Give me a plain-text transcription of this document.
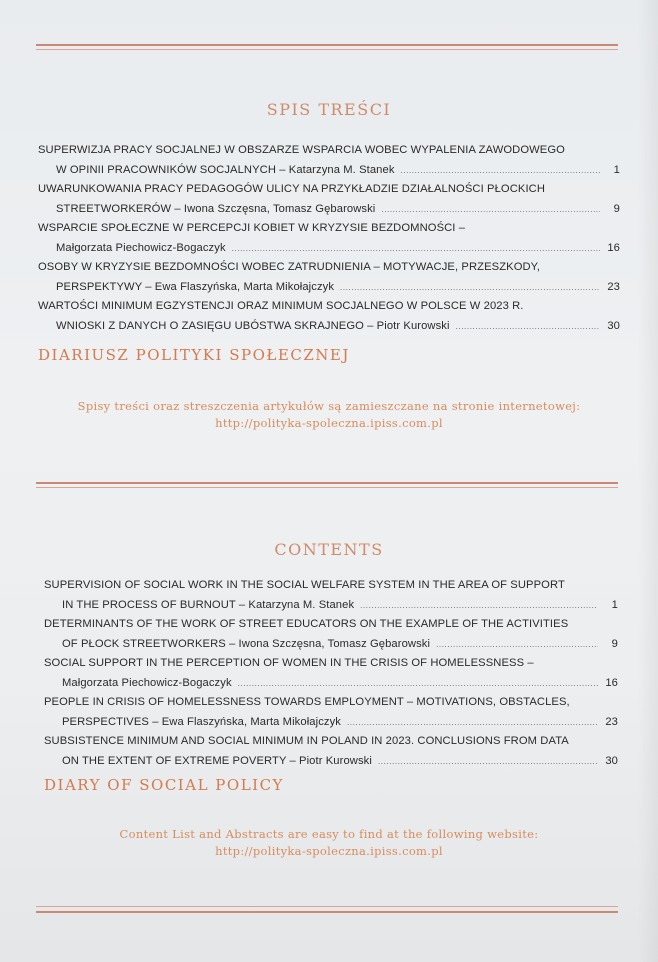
SPIS TREŚCI
SUPERWIZJA PRACY SOCJALNEJ W OBSZARZE WSPARCIA WOBEC WYPALENIA ZAWODOWEGO
W OPINII PRACOWNIKÓW SOCJALNYCH – Katarzyna M. Stanek .....	1
UWARUNKOWANIA PRACY PEDAGOGÓW ULICY NA PRZYKŁADZIE DZIAŁALNOŚCI PŁOCKICH
STREETWORKERÓW – Iwona Szczęsna, Tomasz Gębarowski .....	9
WSPARCIE SPOŁECZNE W PERCEPCJI KOBIET W KRYZYSIE BEZDOMNOŚCI –
Małgorzata Piechowicz-Bogaczyk .....	16
OSOBY W KRYZYSIE BEZDOMNOŚCI WOBEC ZATRUDNIENIA – MOTYWACJE, PRZESZKODY,
PERSPEKTYWY – Ewa Flaszyńska, Marta Mikołajczyk .....	23
WARTOŚCI MINIMUM EGZYSTENCJI ORAZ MINIMUM SOCJALNEGO W POLSCE W 2023 R.
WNIOSKI Z DANYCH O ZASIĘGU UBÓSTWA SKRAJNEGO – Piotr Kurowski .....	30
DIARIUSZ POLITYKI SPOŁECZNEJ
Spisy treści oraz streszczenia artykułów są zamieszczane na stronie internetowej:
http://polityka-spoleczna.ipiss.com.pl
CONTENTS
SUPERVISION OF SOCIAL WORK IN THE SOCIAL WELFARE SYSTEM IN THE AREA OF SUPPORT
IN THE PROCESS OF BURNOUT – Katarzyna M. Stanek .....	1
DETERMINANTS OF THE WORK OF STREET EDUCATORS ON THE EXAMPLE OF THE ACTIVITIES
OF PŁOCK STREETWORKERS – Iwona Szczęsna, Tomasz Gębarowski .....	9
SOCIAL SUPPORT IN THE PERCEPTION OF WOMEN IN THE CRISIS OF HOMELESSNESS –
Małgorzata Piechowicz-Bogaczyk .....	16
PEOPLE IN CRISIS OF HOMELESSNESS TOWARDS EMPLOYMENT – MOTIVATIONS, OBSTACLES,
PERSPECTIVES – Ewa Flaszyńska, Marta Mikołajczyk .....	23
SUBSISTENCE MINIMUM AND SOCIAL MINIMUM IN POLAND IN 2023. CONCLUSIONS FROM DATA
ON THE EXTENT OF EXTREME POVERTY – Piotr Kurowski .....	30
DIARY OF SOCIAL POLICY
Content List and Abstracts are easy to find at the following website:
http://polityka-spoleczna.ipiss.com.pl
